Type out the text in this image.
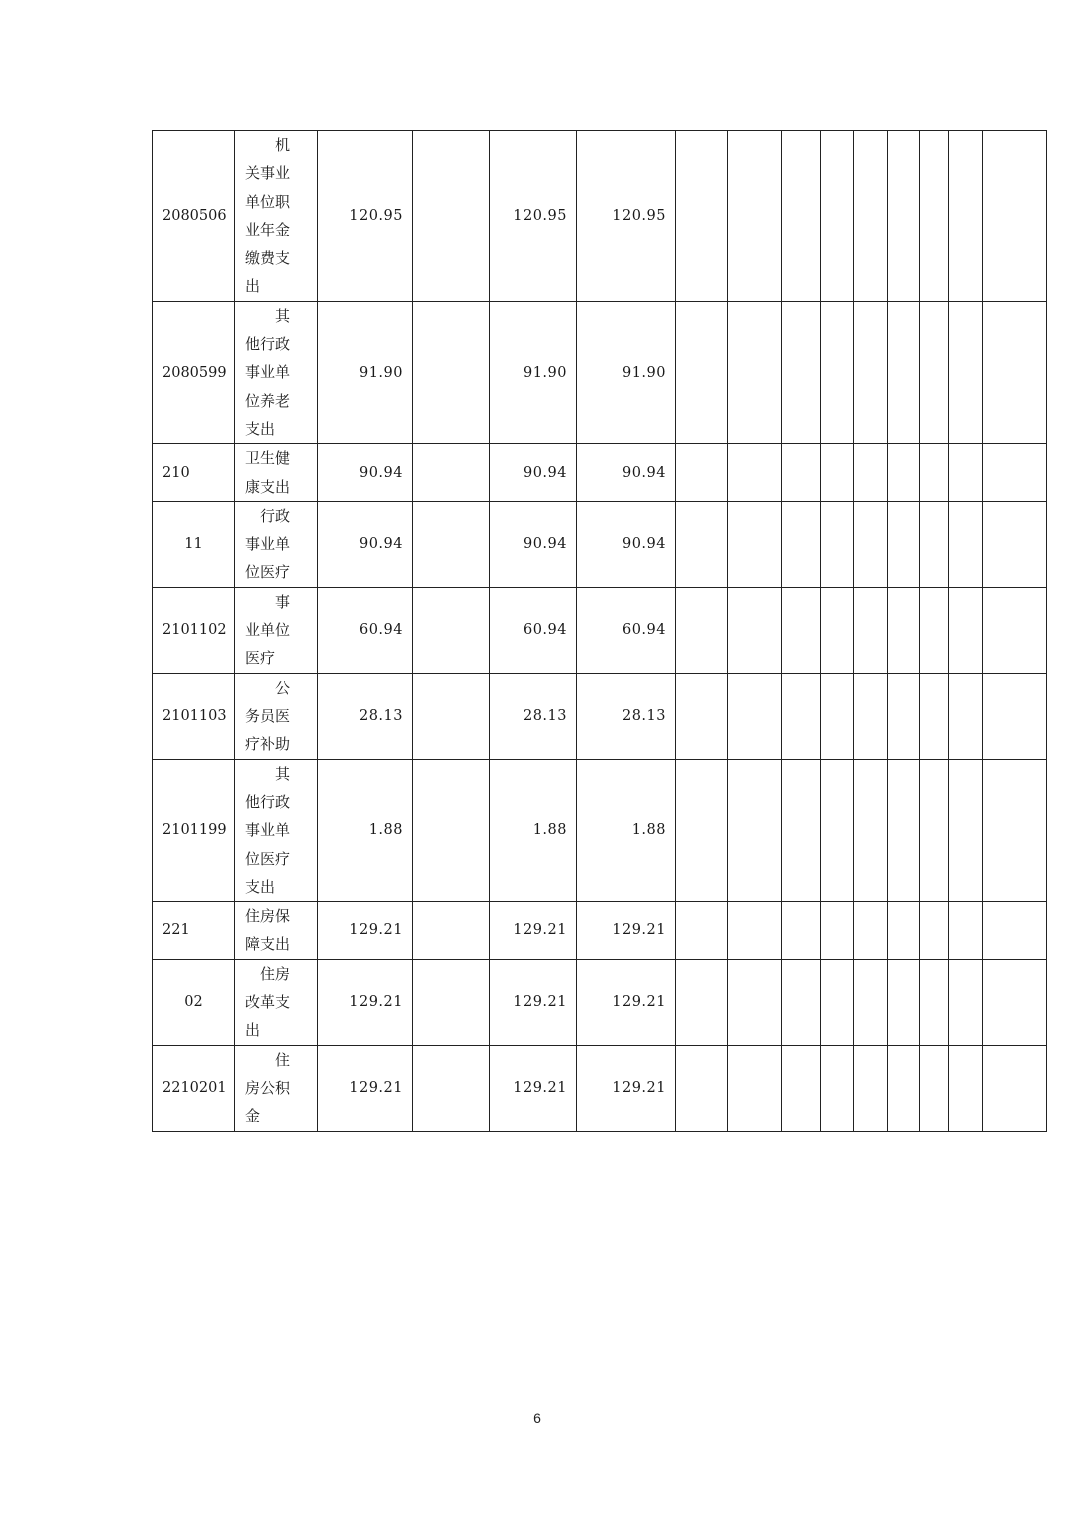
2080506	机关事业单位职业年金缴费支出	120.95		120.95	120.95									
2080599	其他行政事业单位养老支出	91.90		91.90	91.90									
210	卫生健康支出	90.94		90.94	90.94									
11	行政事业单位医疗	90.94		90.94	90.94									
2101102	事业单位医疗	60.94		60.94	60.94									
2101103	公务员医疗补助	28.13		28.13	28.13									
2101199	其他行政事业单位医疗支出	1.88		1.88	1.88									
221	住房保障支出	129.21		129.21	129.21									
02	住房改革支出	129.21		129.21	129.21									
2210201	住房公积金	129.21		129.21	129.21									
6
